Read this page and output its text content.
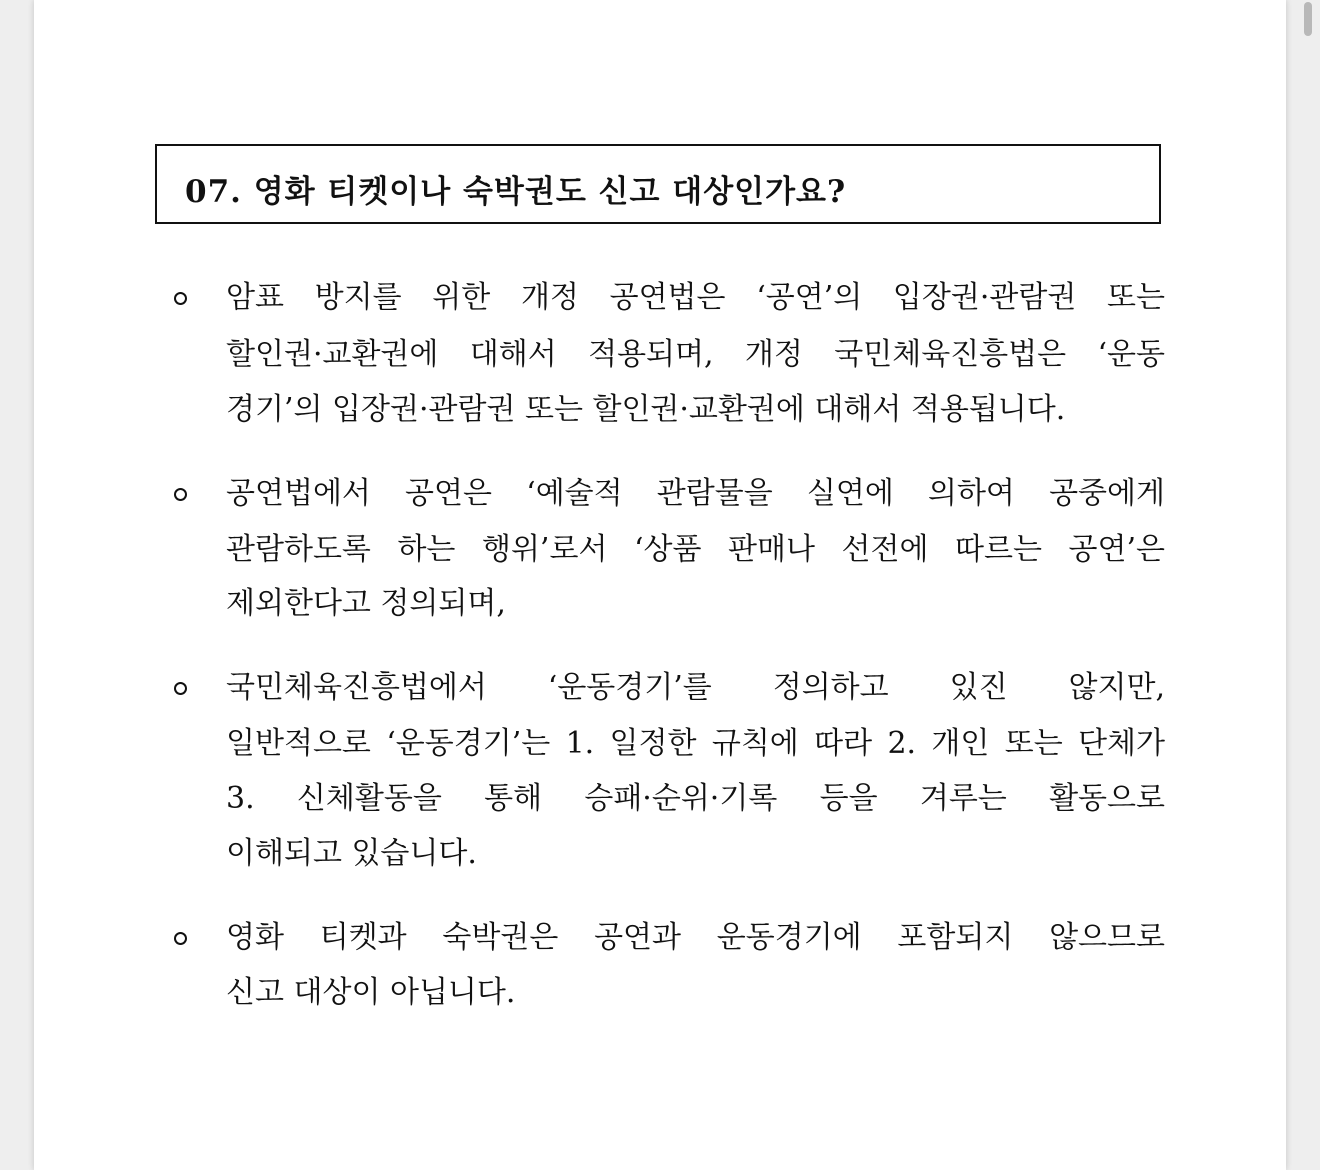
07. 영화 티켓이나 숙박권도 신고 대상인가요?
암표 방지를 위한 개정 공연법은 ‘공연’의 입장권·관람권 또는
할인권·교환권에 대해서 적용되며, 개정 국민체육진흥법은 ‘운동
경기’의 입장권·관람권 또는 할인권·교환권에 대해서 적용됩니다.
공연법에서 공연은 ‘예술적 관람물을 실연에 의하여 공중에게
관람하도록 하는 행위’로서 ‘상품 판매나 선전에 따르는 공연’은
제외한다고 정의되며,
국민체육진흥법에서 ‘운동경기’를 정의하고 있진 않지만,
일반적으로 ‘운동경기’는 1. 일정한 규칙에 따라 2. 개인 또는 단체가
3. 신체활동을 통해 승패·순위·기록 등을 겨루는 활동으로
이해되고 있습니다.
영화 티켓과 숙박권은 공연과 운동경기에 포함되지 않으므로
신고 대상이 아닙니다.
